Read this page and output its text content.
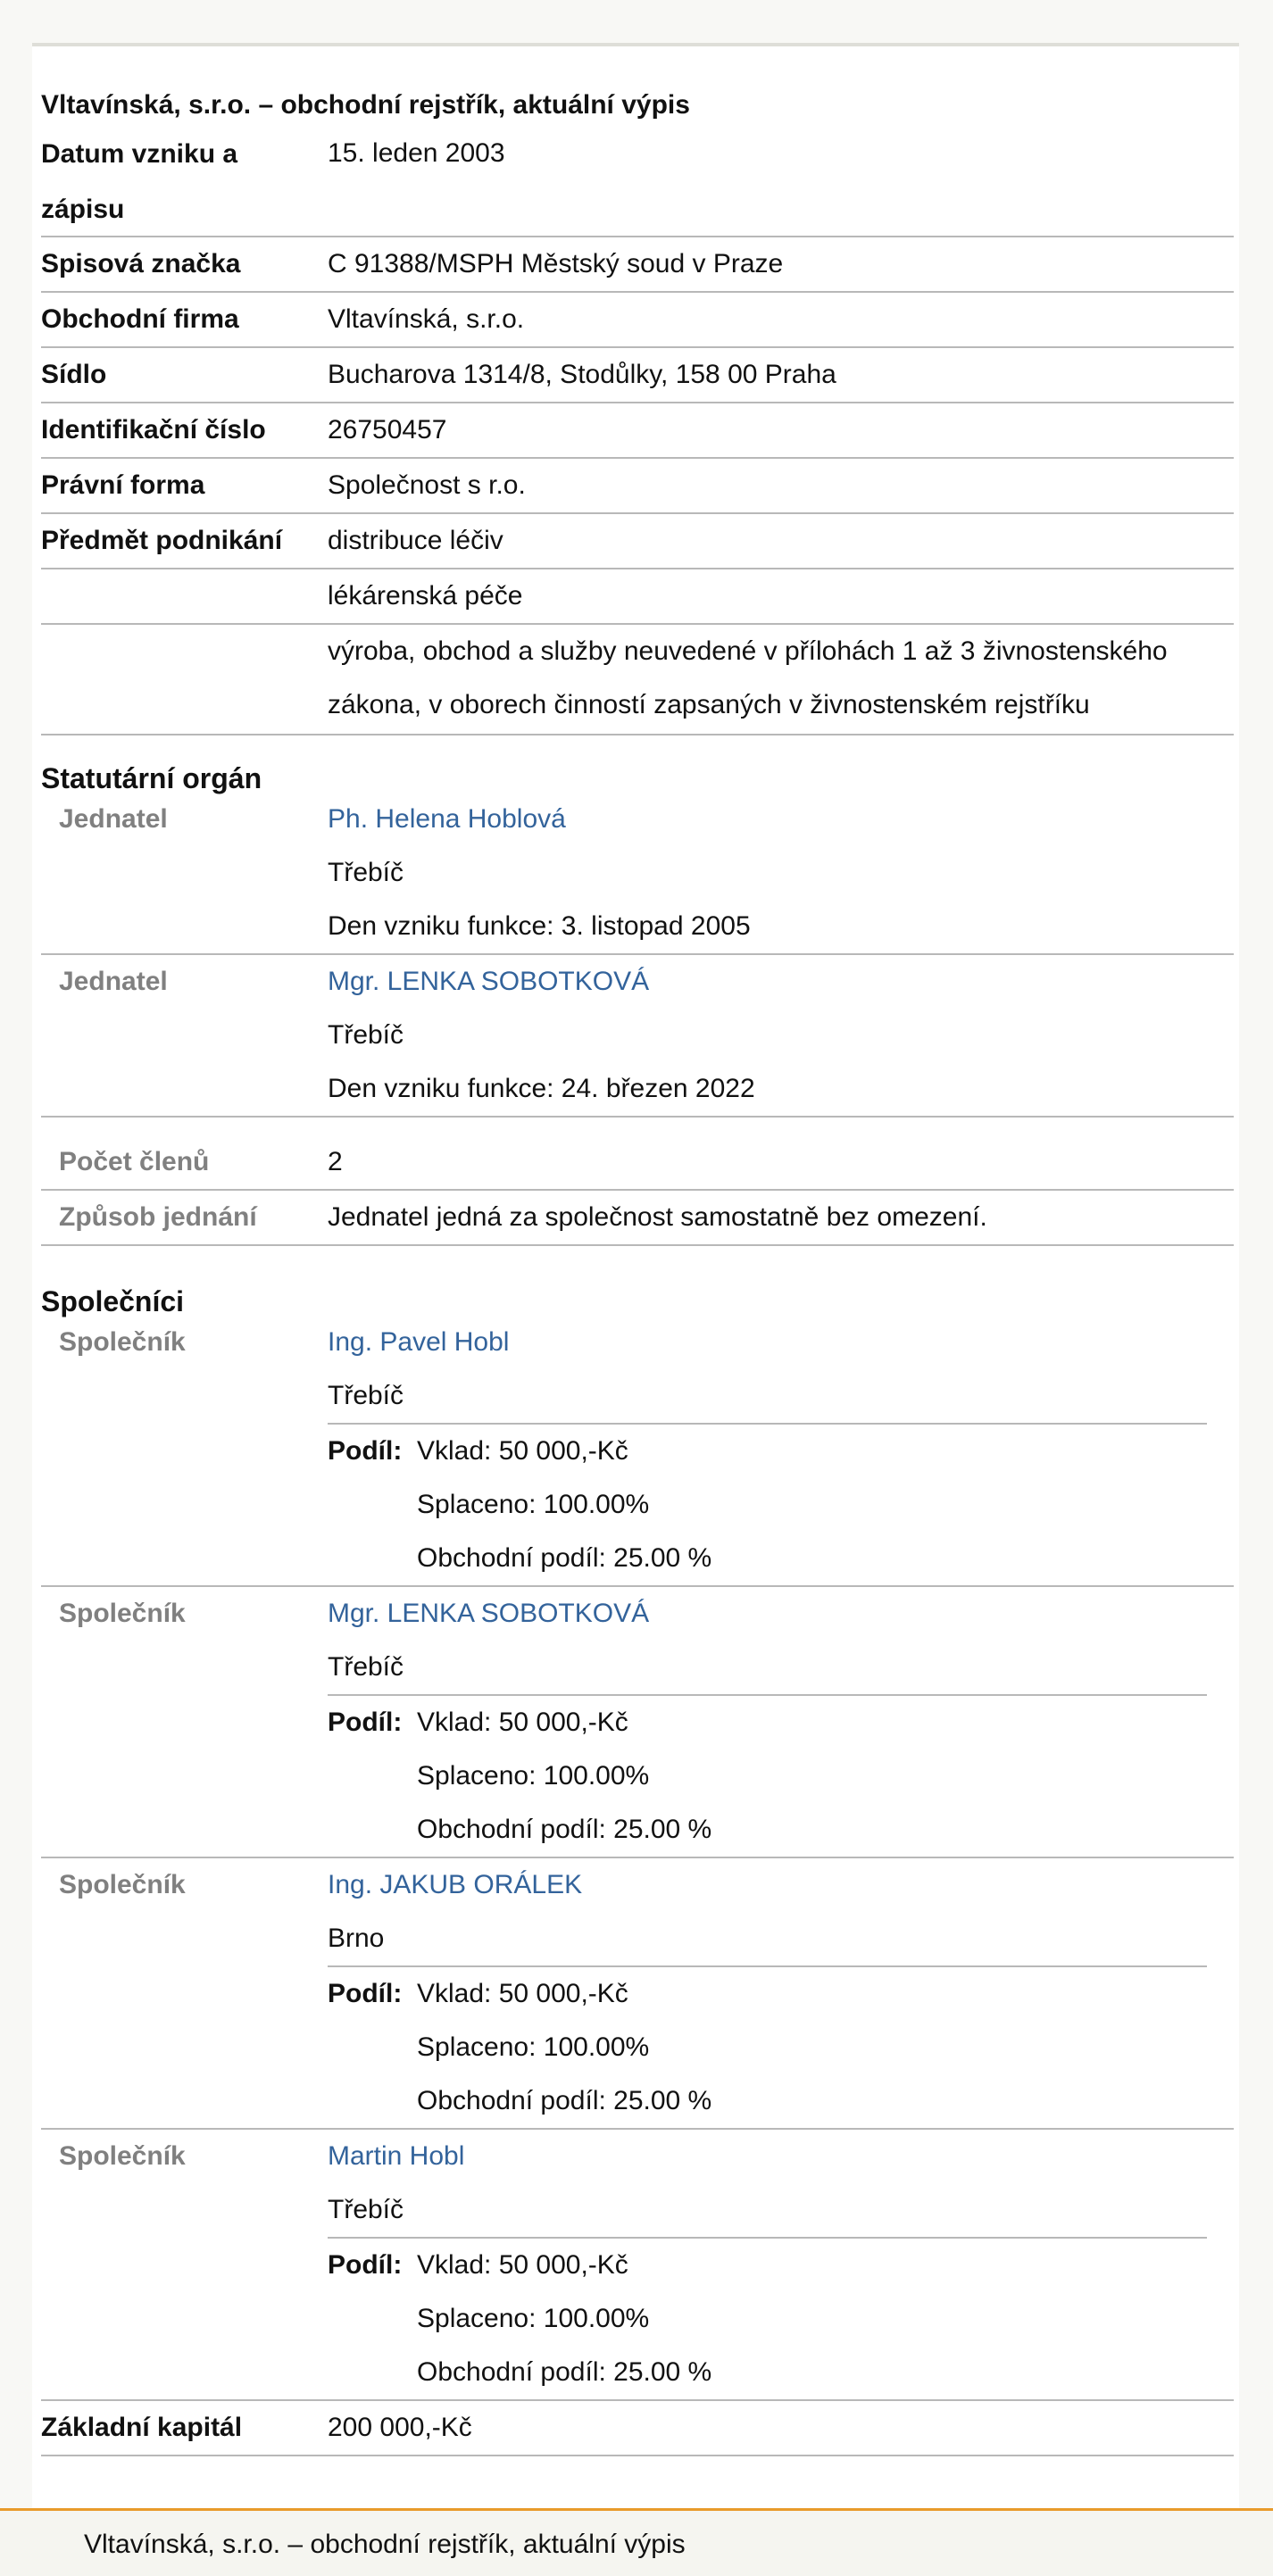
Vltavínská, s.r.o. – obchodní rejstřík, aktuální výpis
Datum vzniku a zápisu
15. leden 2003
Spisová značka	C 91388/MSPH Městský soud v Praze
Obchodní firma	Vltavínská, s.r.o.
Sídlo	Bucharova 1314/8, Stodůlky, 158 00 Praha
Identifikační číslo 26750457
Právní forma	Společnost s r.o.
Předmět podnikání distribuce léčiv
lékárenská péče
výroba, obchod a služby neuvedené v přílohách 1 až 3 živnostenského
zákona, v oborech činností zapsaných v živnostenském rejstříku
Statutární orgán
Jednatel	Ph. Helena Hoblová
Třebíč
Den vzniku funkce: 3. listopad 2005
Jednatel	Mgr. LENKA SOBOTKOVÁ
Třebíč
Den vzniku funkce: 24. březen 2022
Počet členů	2
Způsob jednání	Jednatel jedná za společnost samostatně bez omezení.
Společníci
Společník	Ing. Pavel Hobl
Třebíč
Podíl: Vklad: 50 000,-Kč
Splaceno: 100.00%
Obchodní podíl: 25.00 %
Společník	Mgr. LENKA SOBOTKOVÁ
Třebíč
Podíl: Vklad: 50 000,-Kč
Splaceno: 100.00%
Obchodní podíl: 25.00 %
Společník	Ing. JAKUB ORÁLEK
Brno
Podíl: Vklad: 50 000,-Kč
Splaceno: 100.00%
Obchodní podíl: 25.00 %
Společník	Martin Hobl
Třebíč
Podíl: Vklad: 50 000,-Kč
Splaceno: 100.00%
Obchodní podíl: 25.00 %
Základní kapitál	200 000,-Kč
Vltavínská, s.r.o. – obchodní rejstřík, aktuální výpis
